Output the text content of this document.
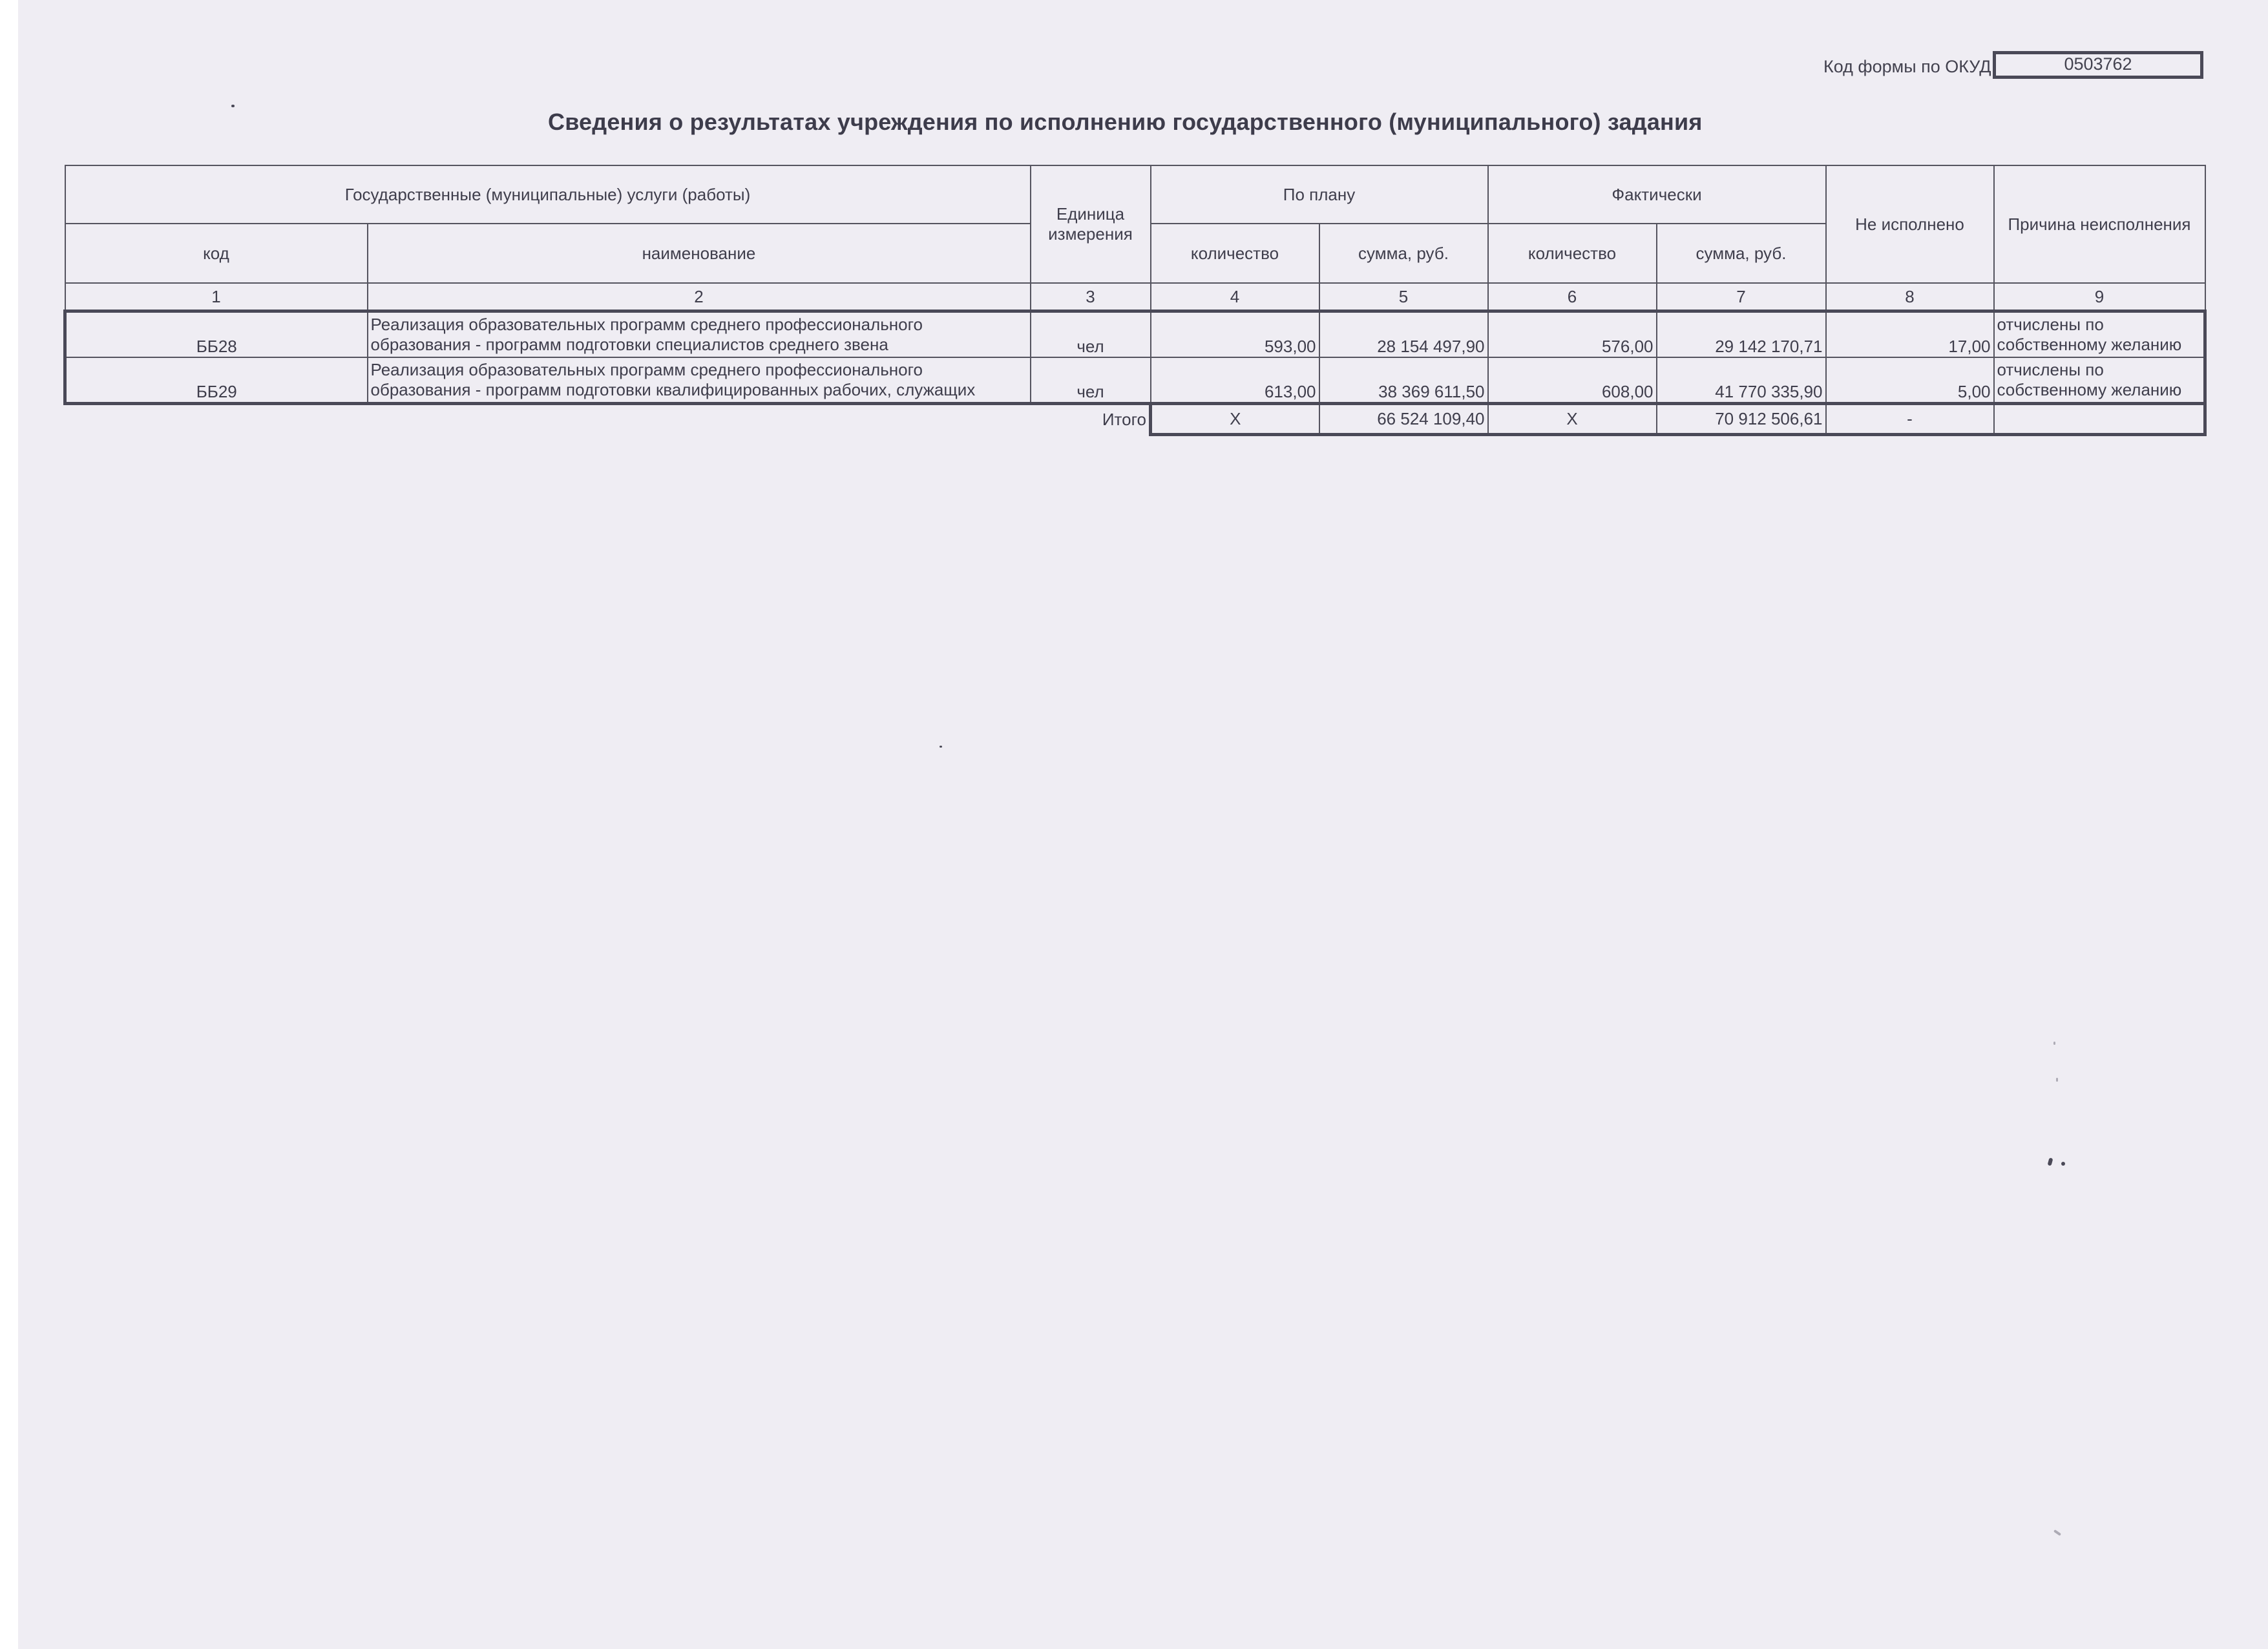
Код формы по ОКУД	0503762
Сведения о результатах учреждения по исполнению государственного (муниципального) задания
Государственные (муниципальные) услуги (работы)		Единица измерения	По плану		Фактически		Не исполнено	Причина неисполнения
код	наименование		количество	сумма, руб.	количество	сумма, руб.		
1	2	3	4	5	6	7	8	9
ББ28	Реализация образовательных программ среднего профессионального образования - программ подготовки специалистов среднего звена	чел	593,00	28 154 497,90	576,00	29 142 170,71	17,00	отчислены по собственному желанию
ББ29	Реализация образовательных программ среднего профессионального образования - программ подготовки квалифицированных рабочих, служащих	чел	613,00	38 369 611,50	608,00	41 770 335,90	5,00	отчислены по собственному желанию
		Итого	X	66 524 109,40	X	70 912 506,61	-	
